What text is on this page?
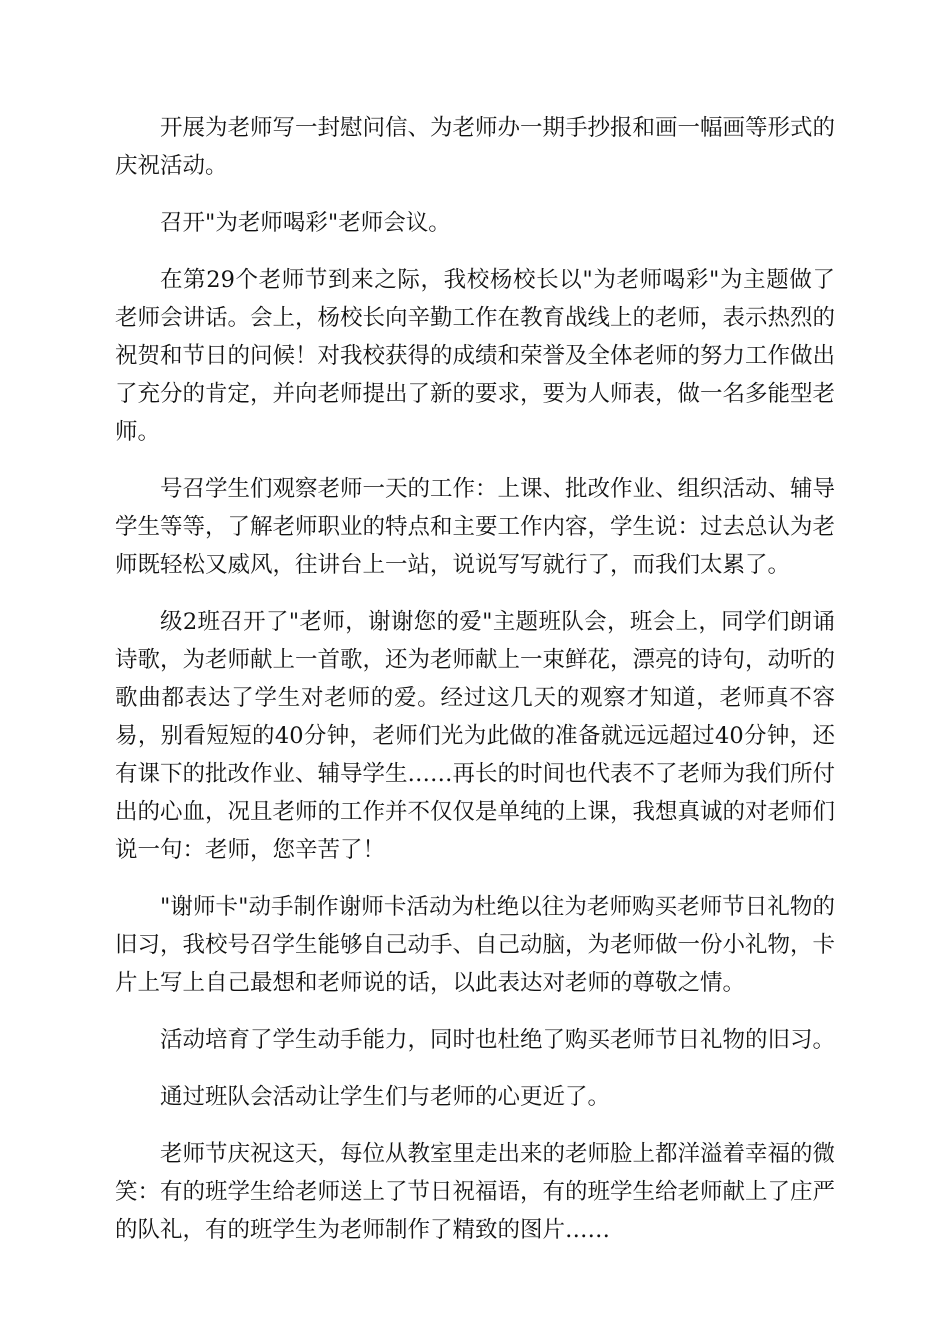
开展为老师写一封慰问信、为老师办一期手抄报和画一幅画等形式的庆祝活动。

召开"为老师喝彩"老师会议。

在第29个老师节到来之际，我校杨校长以"为老师喝彩"为主题做了老师会讲话。会上，杨校长向辛勤工作在教育战线上的老师，表示热烈的祝贺和节日的问候！对我校获得的成绩和荣誉及全体老师的努力工作做出了充分的肯定，并向老师提出了新的要求，要为人师表，做一名多能型老师。

号召学生们观察老师一天的工作：上课、批改作业、组织活动、辅导学生等等，了解老师职业的特点和主要工作内容，学生说：过去总认为老师既轻松又威风，往讲台上一站，说说写写就行了，而我们太累了。

级2班召开了"老师，谢谢您的爱"主题班队会，班会上，同学们朗诵诗歌，为老师献上一首歌，还为老师献上一束鲜花，漂亮的诗句，动听的歌曲都表达了学生对老师的爱。经过这几天的观察才知道，老师真不容易，别看短短的40分钟，老师们光为此做的准备就远远超过40分钟，还有课下的批改作业、辅导学生……再长的时间也代表不了老师为我们所付出的心血，况且老师的工作并不仅仅是单纯的上课，我想真诚的对老师们说一句：老师，您辛苦了！

"谢师卡"动手制作谢师卡活动为杜绝以往为老师购买老师节日礼物的旧习，我校号召学生能够自己动手、自己动脑，为老师做一份小礼物，卡片上写上自己最想和老师说的话，以此表达对老师的尊敬之情。

活动培育了学生动手能力，同时也杜绝了购买老师节日礼物的旧习。

通过班队会活动让学生们与老师的心更近了。

老师节庆祝这天，每位从教室里走出来的老师脸上都洋溢着幸福的微笑：有的班学生给老师送上了节日祝福语，有的班学生给老师献上了庄严的队礼，有的班学生为老师制作了精致的图片……
